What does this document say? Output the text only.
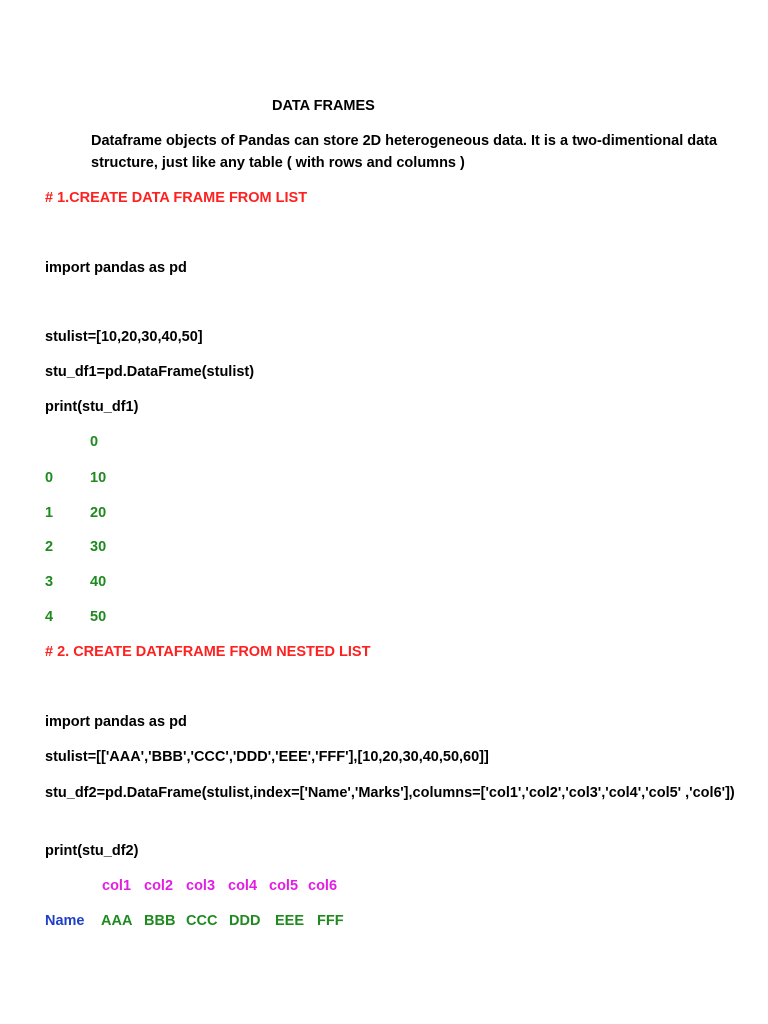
DATA FRAMES
Dataframe objects of Pandas can store 2D heterogeneous data. It is a two-dimentional data structure, just like any table ( with rows and columns )
# 1.CREATE DATA FRAME FROM LIST
import pandas as pd
stulist=[10,20,30,40,50]
stu_df1=pd.DataFrame(stulist)
print(stu_df1)
0
0	10
1	20
2	30
3	40
4	50
# 2. CREATE DATAFRAME FROM NESTED LIST
import pandas as pd
stulist=[['AAA','BBB','CCC','DDD','EEE','FFF'],[10,20,30,40,50,60]]
stu_df2=pd.DataFrame(stulist,index=['Name','Marks'],columns=['col1','col2','col3','col4','col5' ,'col6'])
print(stu_df2)
col1 col2 col3 col4 col5 col6
Name AAA BBB CCC DDD EEE FFF
